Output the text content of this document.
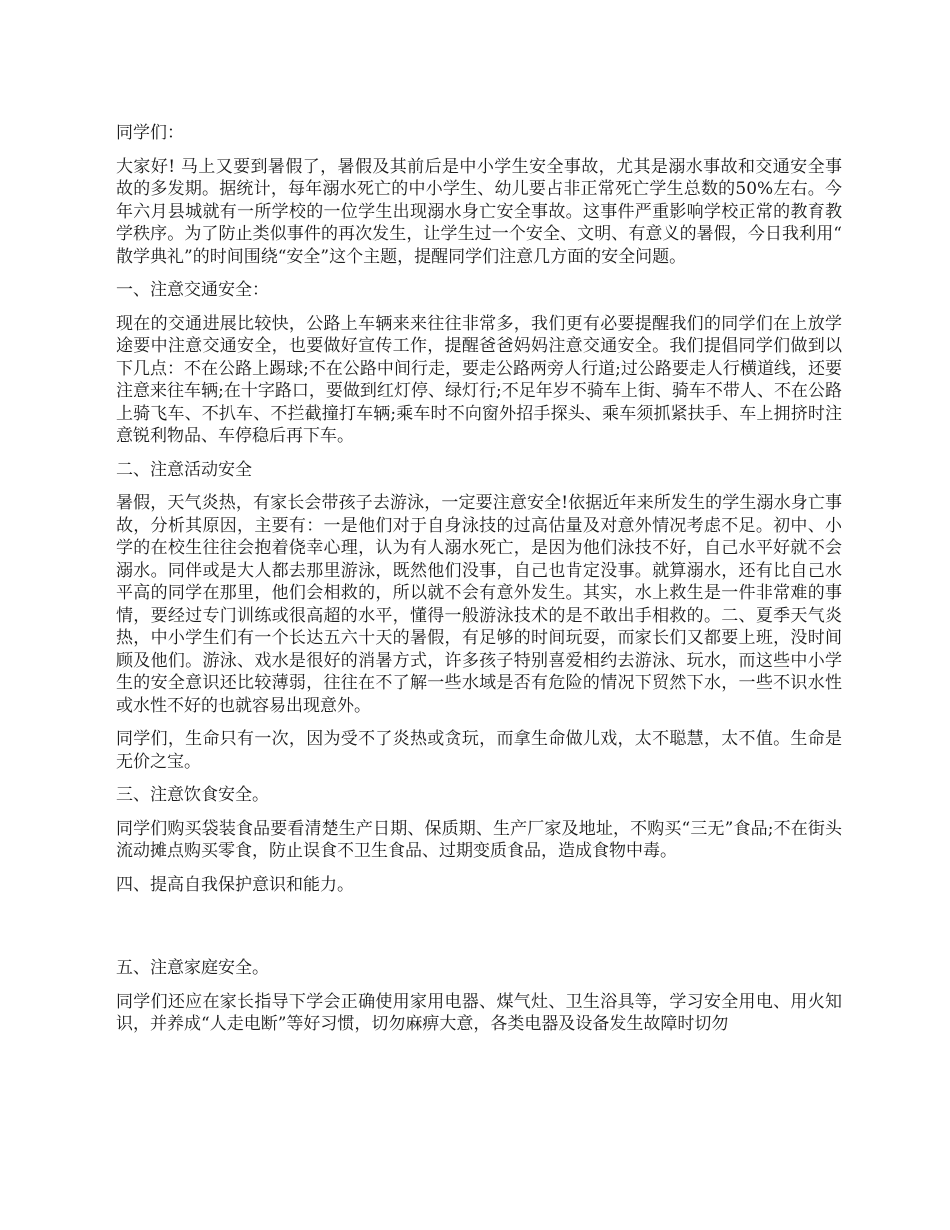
同学们：

大家好! 马上又要到暑假了，暑假及其前后是中小学生安全事故，尤其是溺水事故和交通安全事故的多发期。据统计，每年溺水死亡的中小学生、幼儿要占非正常死亡学生总数的50%左右。今年六月县城就有一所学校的一位学生出现溺水身亡安全事故。这事件严重影响学校正常的教育教学秩序。为了防止类似事件的再次发生，让学生过一个安全、文明、有意义的暑假，今日我利用“散学典礼”的时间围绕“安全”这个主题，提醒同学们注意几方面的安全问题。

一、注意交通安全：

现在的交通进展比较快，公路上车辆来来往往非常多，我们更有必要提醒我们的同学们在上放学途要中注意交通安全，也要做好宣传工作，提醒爸爸妈妈注意交通安全。我们提倡同学们做到以下几点：不在公路上踢球;不在公路中间行走，要走公路两旁人行道;过公路要走人行横道线，还要注意来往车辆;在十字路口，要做到红灯停、绿灯行;不足年岁不骑车上街、骑车不带人、不在公路上骑飞车、不扒车、不拦截撞打车辆;乘车时不向窗外招手探头、乘车须抓紧扶手、车上拥挤时注意锐利物品、车停稳后再下车。

二、注意活动安全

暑假，天气炎热，有家长会带孩子去游泳，一定要注意安全!依据近年来所发生的学生溺水身亡事故，分析其原因，主要有：一是他们对于自身泳技的过高估量及对意外情况考虑不足。初中、小学的在校生往往会抱着侥幸心理，认为有人溺水死亡，是因为他们泳技不好，自己水平好就不会溺水。同伴或是大人都去那里游泳，既然他们没事，自己也肯定没事。就算溺水，还有比自己水平高的同学在那里，他们会相救的，所以就不会有意外发生。其实，水上救生是一件非常难的事情，要经过专门训练或很高超的水平，懂得一般游泳技术的是不敢出手相救的。二、夏季天气炎热，中小学生们有一个长达五六十天的暑假，有足够的时间玩耍，而家长们又都要上班，没时间顾及他们。游泳、戏水是很好的消暑方式，许多孩子特别喜爱相约去游泳、玩水，而这些中小学生的安全意识还比较薄弱，往往在不了解一些水域是否有危险的情况下贸然下水，一些不识水性或水性不好的也就容易出现意外。

同学们，生命只有一次，因为受不了炎热或贪玩，而拿生命做儿戏，太不聪慧，太不值。生命是无价之宝。

三、注意饮食安全。

同学们购买袋装食品要看清楚生产日期、保质期、生产厂家及地址，不购买“三无”食品;不在街头流动摊点购买零食，防止误食不卫生食品、过期变质食品，造成食物中毒。

四、提高自我保护意识和能力。

五、注意家庭安全。

同学们还应在家长指导下学会正确使用家用电器、煤气灶、卫生浴具等，学习安全用电、用火知识，并养成“人走电断”等好习惯，切勿麻痹大意，各类电器及设备发生故障时切勿
